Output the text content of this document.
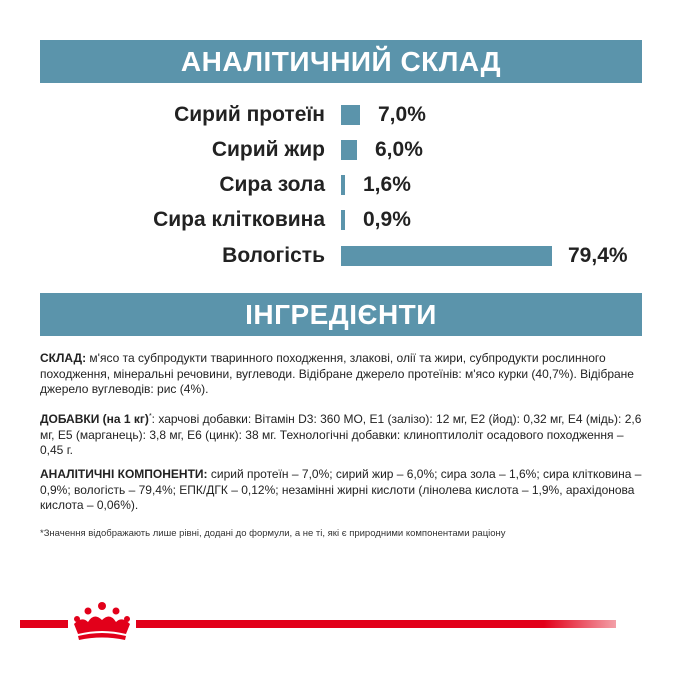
АНАЛІТИЧНИЙ СКЛАД
Сирий протеїн	7,0%
Сирий жир 6,0%
Сира зола 1,6%
Сира клітковина 0,9%
Вологість	79,4%
ІНГРЕДІЄНТИ
СКЛАД: м'ясо та субпродукти тваринного походження, злакові, олії та жири, субпродукти рослинного походження, мінеральні речовини, вуглеводи. Відібране джерело протеїнів: м'ясо курки (40,7%). Відібране джерело вуглеводів: рис (4%).
ДОБАВКИ (на 1 кг)*: харчові добавки: Вітамін D3: 360 МО, E1 (залізо): 12 мг, E2 (йод): 0,32 мг, E4 (мідь): 2,6 мг, E5 (марганець): 3,8 мг, E6 (цинк): 38 мг. Технологічні добавки: клинoптилоліт осадового походження – 0,45 г.
АНАЛІТИЧНІ КОМПОНЕНТИ: сирий протеїн – 7,0%; сирий жир – 6,0%; сира зола – 1,6%; сира клітковина – 0,9%; вологість – 79,4%; ЕПК/ДГК – 0,12%; незамінні жирні кислоти (лінолева кислота – 1,9%, арахідонова кислота – 0,06%).
*Значення відображають лише рівні, додані до формули, а не ті, які є природними компонентами раціону
